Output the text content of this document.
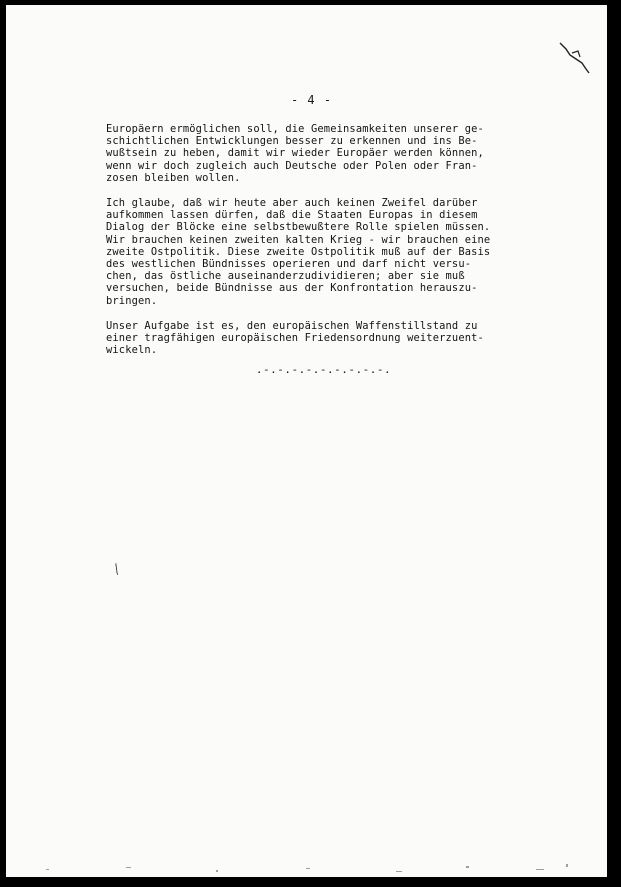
- 4 -

Europäern ermöglichen soll, die Gemeinsamkeiten unserer ge-
schichtlichen Entwicklungen besser zu erkennen und ins Be-
wußtsein zu heben, damit wir wieder Europäer werden können,
wenn wir doch zugleich auch Deutsche oder Polen oder Fran-
zosen bleiben wollen.

Ich glaube, daß wir heute aber auch keinen Zweifel darüber
aufkommen lassen dürfen, daß die Staaten Europas in diesem
Dialog der Blöcke eine selbstbewußtere Rolle spielen müssen.
Wir brauchen keinen zweiten kalten Krieg - wir brauchen eine
zweite Ostpolitik. Diese zweite Ostpolitik muß auf der Basis
des westlichen Bündnisses operieren und darf nicht versu-
chen, das östliche auseinanderzudividieren; aber sie muß
versuchen, beide Bündnisse aus der Konfrontation herauszu-
bringen.

Unser Aufgabe ist es, den europäischen Waffenstillstand zu
einer tragfähigen europäischen Friedensordnung weiterzuent-
wickeln.

.-.-.-.-.-.-.-.-.-.
